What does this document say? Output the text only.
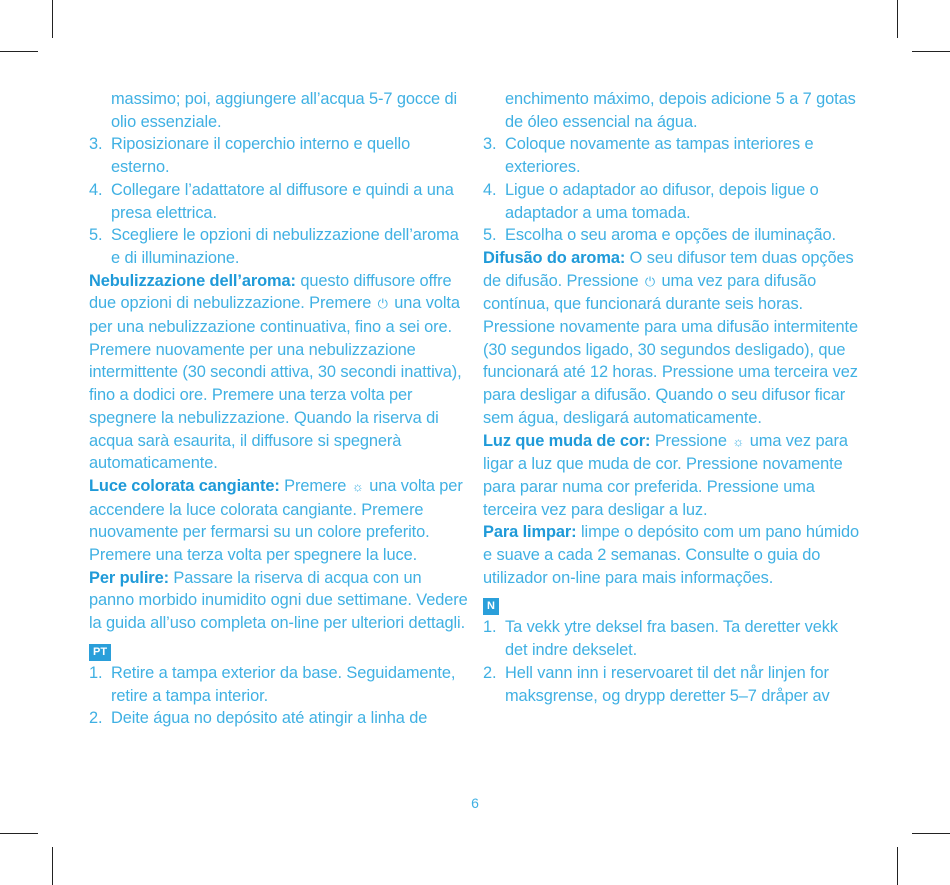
massimo; poi, aggiungere all’acqua 5-7 gocce di olio essenziale.
3. Riposizionare il coperchio interno e quello esterno.
4. Collegare l’adattatore al diffusore e quindi a una presa elettrica.
5. Scegliere le opzioni di nebulizzazione dell’aroma e di illuminazione.
Nebulizzazione dell’aroma: questo diffusore offre due opzioni di nebulizzazione. Premere ⏻ una volta per una nebulizzazione continuativa, fino a sei ore. Premere nuovamente per una nebulizzazione intermittente (30 secondi attiva, 30 secondi inattiva), fino a dodici ore. Premere una terza volta per spegnere la nebulizzazione. Quando la riserva di acqua sarà esaurita, il diffusore si spegnerà automaticamente.
Luce colorata cangiante: Premere ☼ una volta per accendere la luce colorata cangiante. Premere nuovamente per fermarsi su un colore preferito. Premere una terza volta per spegnere la luce.
Per pulire: Passare la riserva di acqua con un panno morbido inumidito ogni due settimane. Vedere la guida all’uso completa on-line per ulteriori dettagli.
PT
1. Retire a tampa exterior da base. Seguidamente, retire a tampa interior.
2. Deite água no depósito até atingir a linha de
enchimento máximo, depois adicione 5 a 7 gotas de óleo essencial na água.
3. Coloque novamente as tampas interiores e exteriores.
4. Ligue o adaptador ao difusor, depois ligue o adaptador a uma tomada.
5. Escolha o seu aroma e opções de iluminação.
Difusão do aroma: O seu difusor tem duas opções de difusão. Pressione ⏻ uma vez para difusão contínua, que funcionará durante seis horas. Pressione novamente para uma difusão intermitente (30 segundos ligado, 30 segundos desligado), que funcionará até 12 horas. Pressione uma terceira vez para desligar a difusão. Quando o seu difusor ficar sem água, desligará automaticamente.
Luz que muda de cor: Pressione ☼ uma vez para ligar a luz que muda de cor. Pressione novamente para parar numa cor preferida. Pressione uma terceira vez para desligar a luz.
Para limpar: limpe o depósito com um pano húmido e suave a cada 2 semanas. Consulte o guia do utilizador on-line para mais informações.
N
1. Ta vekk ytre deksel fra basen. Ta deretter vekk det indre dekselet.
2. Hell vann inn i reservoaret til det når linjen for maksgrense, og drypp deretter 5–7 dråper av
6
